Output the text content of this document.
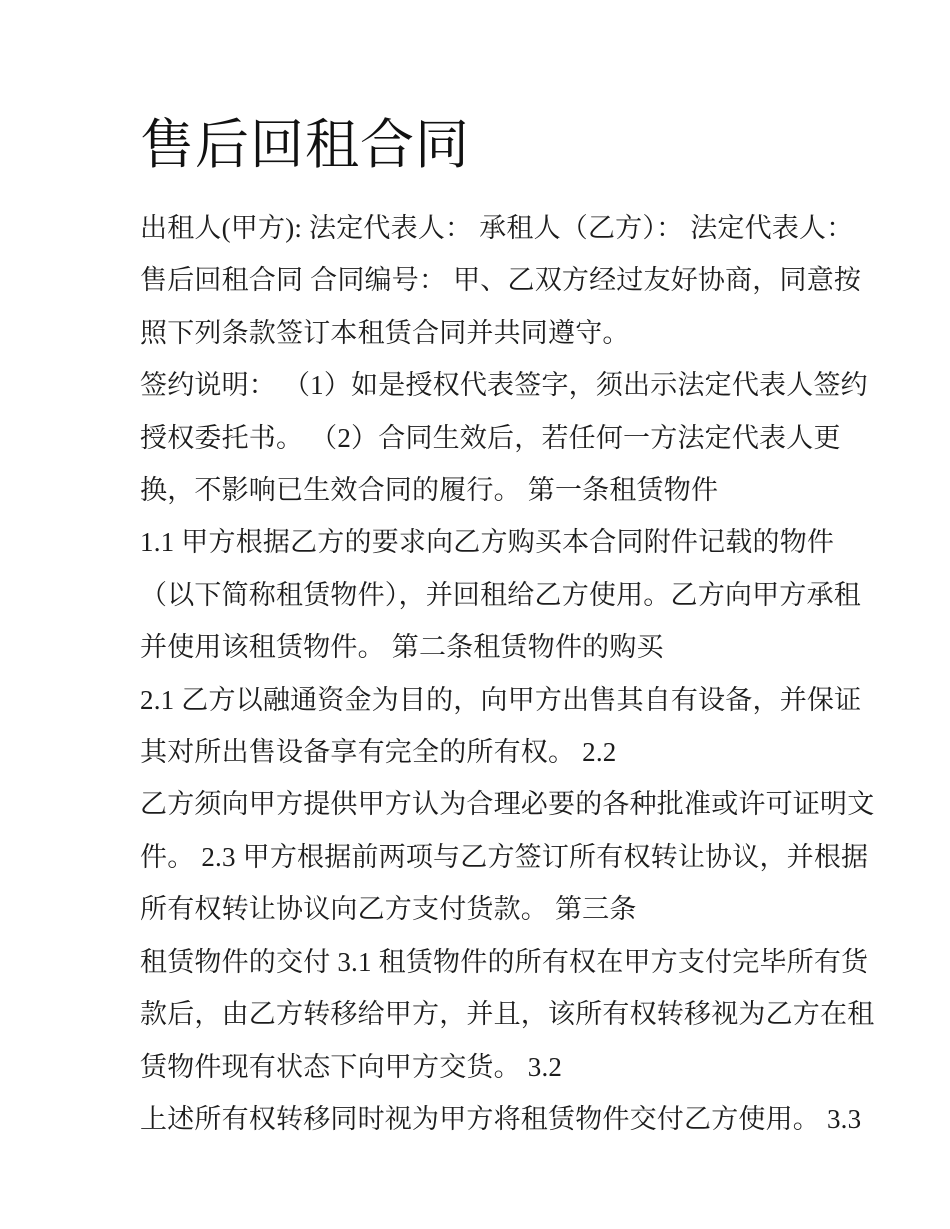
售后回租合同
出租人(甲方): 法定代表人： 承租人（乙方）： 法定代表人：
售后回租合同 合同编号： 甲、乙双方经过友好协商，同意按
照下列条款签订本租赁合同并共同遵守。
签约说明： （1）如是授权代表签字，须出示法定代表人签约
授权委托书。 （2）合同生效后，若任何一方法定代表人更
换，不影响已生效合同的履行。 第一条租赁物件
1.1 甲方根据乙方的要求向乙方购买本合同附件记载的物件
（以下简称租赁物件），并回租给乙方使用。乙方向甲方承租
并使用该租赁物件。 第二条租赁物件的购买
2.1 乙方以融通资金为目的，向甲方出售其自有设备，并保证
其对所出售设备享有完全的所有权。 2.2
乙方须向甲方提供甲方认为合理必要的各种批准或许可证明文
件。 2.3 甲方根据前两项与乙方签订所有权转让协议，并根据
所有权转让协议向乙方支付货款。 第三条
租赁物件的交付 3.1 租赁物件的所有权在甲方支付完毕所有货
款后，由乙方转移给甲方，并且，该所有权转移视为乙方在租
赁物件现有状态下向甲方交货。 3.2
上述所有权转移同时视为甲方将租赁物件交付乙方使用。 3.3
